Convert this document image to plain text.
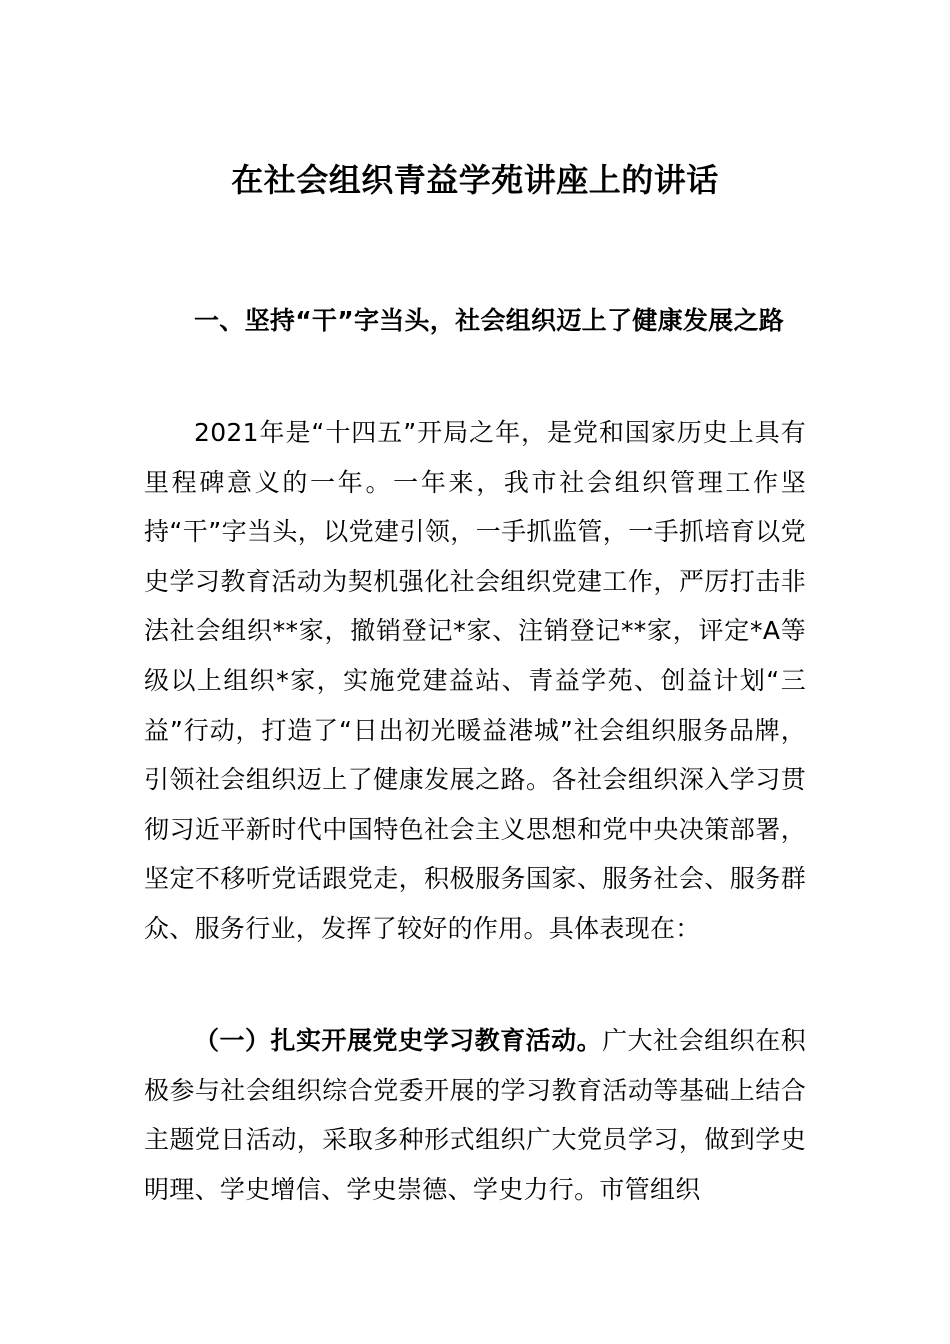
在社会组织青益学苑讲座上的讲话
一、坚持“干”字当头，社会组织迈上了健康发展之路
2021年是“十四五”开局之年，是党和国家历史上具有里程碑意义的一年。一年来，我市社会组织管理工作坚持“干”字当头，以党建引领，一手抓监管，一手抓培育以党史学习教育活动为契机强化社会组织党建工作，严厉打击非法社会组织**家，撤销登记*家、注销登记**家，评定*A等级以上组织*家，实施党建益站、青益学苑、创益计划“三益”行动，打造了“日出初光暖益港城”社会组织服务品牌，引领社会组织迈上了健康发展之路。各社会组织深入学习贯彻习近平新时代中国特色社会主义思想和党中央决策部署，坚定不移听党话跟党走，积极服务国家、服务社会、服务群众、服务行业，发挥了较好的作用。具体表现在：
（一）扎实开展党史学习教育活动。广大社会组织在积极参与社会组织综合党委开展的学习教育活动等基础上结合主题党日活动，采取多种形式组织广大党员学习，做到学史明理、学史增信、学史崇德、学史力行。市管组织
